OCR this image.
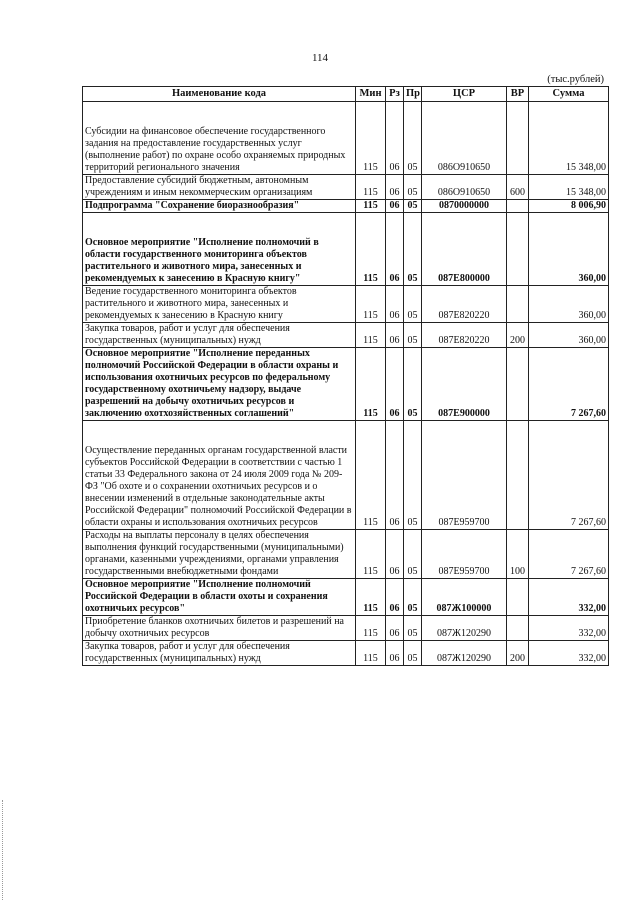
114
(тыс.рублей)
Наименование кода	Мин	Рз	Пр	ЦСР	ВР	Сумма
Субсидии на финансовое обеспечение государственного задания на предоставление государственных услуг (выполнение работ) по охране особо охраняемых природных территорий регионального значения	115	06	05	086О910650		15 348,00
Предоставление субсидий бюджетным, автономным учреждениям и иным некоммерческим организациям	115	06	05	086О910650	600	15 348,00
Подпрограмма "Сохранение биоразнообразия"	115	06	05	0870000000		8 006,90
Основное мероприятие "Исполнение полномочий в области государственного мониторинга объектов растительного и животного мира, занесенных и рекомендуемых к занесению в Красную книгу"	115	06	05	087Е800000		360,00
Ведение государственного мониторинга объектов растительного и животного мира, занесенных и рекомендуемых к занесению в Красную книгу	115	06	05	087Е820220		360,00
Закупка товаров, работ и услуг для обеспечения государственных (муниципальных) нужд	115	06	05	087Е820220	200	360,00
Основное мероприятие "Исполнение переданных полномочий Российской Федерации в области охраны и использования охотничьих ресурсов по федеральному государственному охотничьему надзору, выдаче разрешений на добычу охотничьих ресурсов и заключению охотхозяйственных соглашений"	115	06	05	087Е900000		7 267,60
Осуществление переданных органам государственной власти субъектов Российской Федерации в соответствии с частью 1 статьи 33 Федерального закона от 24 июля 2009 года № 209-ФЗ "Об охоте и о сохранении охотничьих ресурсов и о внесении изменений в отдельные законодательные акты Российской Федерации" полномочий Российской Федерации в области охраны и использования охотничьих ресурсов	115	06	05	087Е959700		7 267,60
Расходы на выплаты персоналу в целях обеспечения выполнения функций государственными (муниципальными) органами, казенными учреждениями, органами управления государственными внебюджетными фондами	115	06	05	087Е959700	100	7 267,60
Основное мероприятие "Исполнение полномочий Российской Федерации в области охоты и сохранения охотничьих ресурсов"	115	06	05	087Ж100000		332,00
Приобретение бланков охотничьих билетов и разрешений на добычу охотничьих ресурсов	115	06	05	087Ж120290		332,00
Закупка товаров, работ и услуг для обеспечения государственных (муниципальных) нужд	115	06	05	087Ж120290	200	332,00
